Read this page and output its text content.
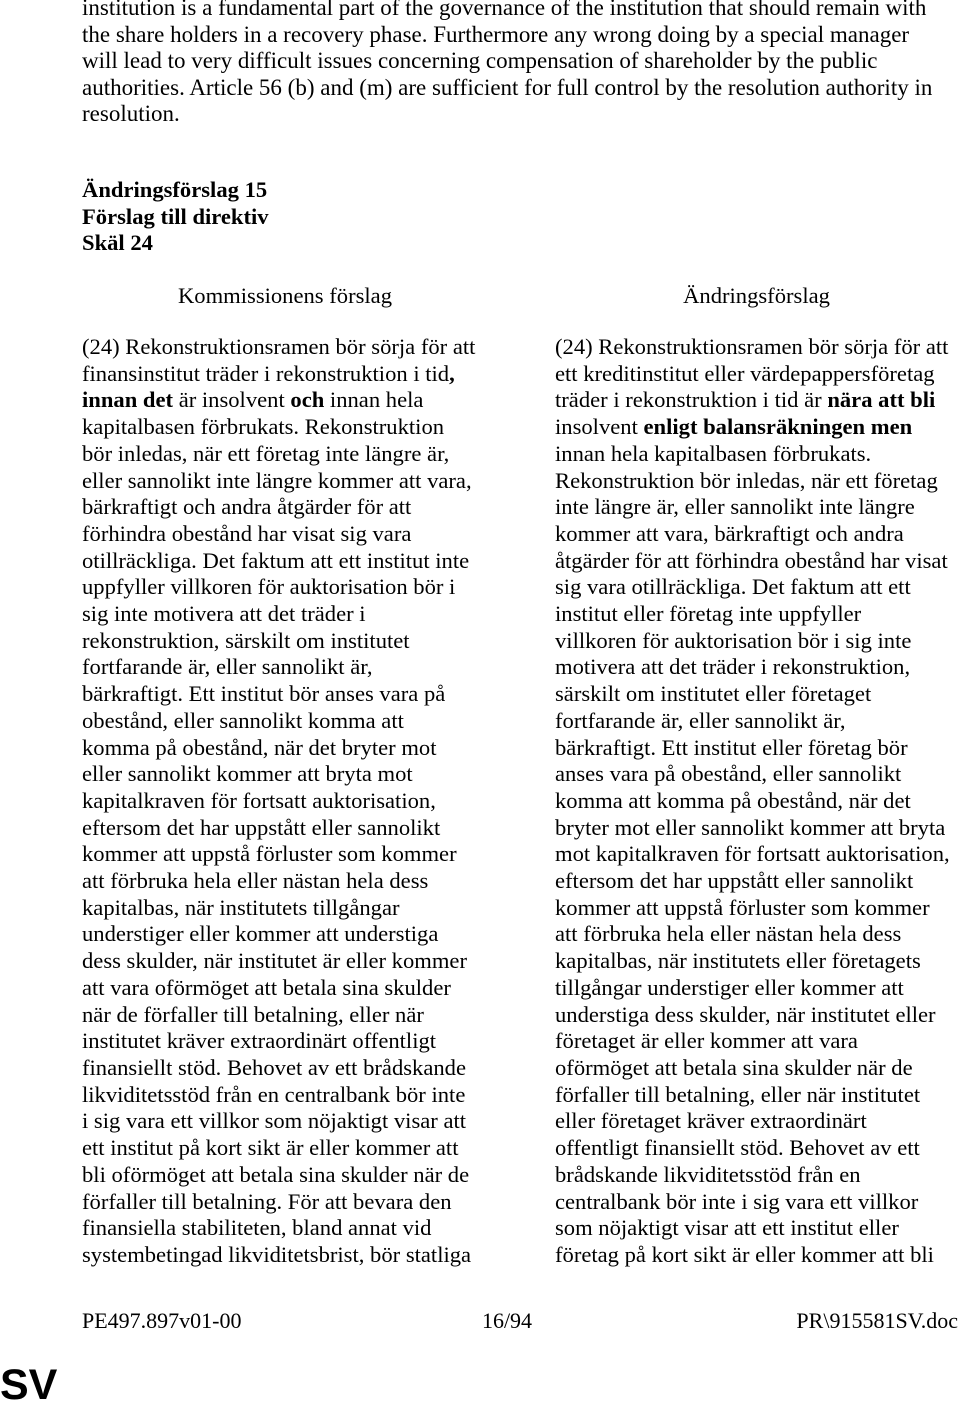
institution is a fundamental part of the governance of the institution that should remain with
the share holders in a recovery phase. Furthermore any wrong doing by a special manager
will lead to very difficult issues concerning compensation of shareholder by the public
authorities. Article 56 (b) and (m) are sufficient for full control by the resolution authority in
resolution.
Ändringsförslag 15
Förslag till direktiv
Skäl 24
Kommissionens förslag	Ändringsförslag
(24) Rekonstruktionsramen bör sörja för att
finansinstitut träder i rekonstruktion i tid,
innan det är insolvent och innan hela
kapitalbasen förbrukats. Rekonstruktion
bör inledas, när ett företag inte längre är,
eller sannolikt inte längre kommer att vara,
bärkraftigt och andra åtgärder för att
förhindra obestånd har visat sig vara
otillräckliga. Det faktum att ett institut inte
uppfyller villkoren för auktorisation bör i
sig inte motivera att det träder i
rekonstruktion, särskilt om institutet
fortfarande är, eller sannolikt är,
bärkraftigt. Ett institut bör anses vara på
obestånd, eller sannolikt komma att
komma på obestånd, när det bryter mot
eller sannolikt kommer att bryta mot
kapitalkraven för fortsatt auktorisation,
eftersom det har uppstått eller sannolikt
kommer att uppstå förluster som kommer
att förbruka hela eller nästan hela dess
kapitalbas, när institutets tillgångar
understiger eller kommer att understiga
dess skulder, när institutet är eller kommer
att vara oförmöget att betala sina skulder
när de förfaller till betalning, eller när
institutet kräver extraordinärt offentligt
finansiellt stöd. Behovet av ett brådskande
likviditetsstöd från en centralbank bör inte
i sig vara ett villkor som nöjaktigt visar att
ett institut på kort sikt är eller kommer att
bli oförmöget att betala sina skulder när de
förfaller till betalning. För att bevara den
finansiella stabiliteten, bland annat vid
systembetingad likviditetsbrist, bör statliga
(24) Rekonstruktionsramen bör sörja för att
ett kreditinstitut eller värdepappersföretag
träder i rekonstruktion i tid är nära att bli
insolvent enligt balansräkningen men
innan hela kapitalbasen förbrukats.
Rekonstruktion bör inledas, när ett företag
inte längre är, eller sannolikt inte längre
kommer att vara, bärkraftigt och andra
åtgärder för att förhindra obestånd har visat
sig vara otillräckliga. Det faktum att ett
institut eller företag inte uppfyller
villkoren för auktorisation bör i sig inte
motivera att det träder i rekonstruktion,
särskilt om institutet eller företaget
fortfarande är, eller sannolikt är,
bärkraftigt. Ett institut eller företag bör
anses vara på obestånd, eller sannolikt
komma att komma på obestånd, när det
bryter mot eller sannolikt kommer att bryta
mot kapitalkraven för fortsatt auktorisation,
eftersom det har uppstått eller sannolikt
kommer att uppstå förluster som kommer
att förbruka hela eller nästan hela dess
kapitalbas, när institutets eller företagets
tillgångar understiger eller kommer att
understiga dess skulder, när institutet eller
företaget är eller kommer att vara
oförmöget att betala sina skulder när de
förfaller till betalning, eller när institutet
eller företaget kräver extraordinärt
offentligt finansiellt stöd. Behovet av ett
brådskande likviditetsstöd från en
centralbank bör inte i sig vara ett villkor
som nöjaktigt visar att ett institut eller
företag på kort sikt är eller kommer att bli
PE497.897v01-00	16/94	PR\915581SV.doc
SV
